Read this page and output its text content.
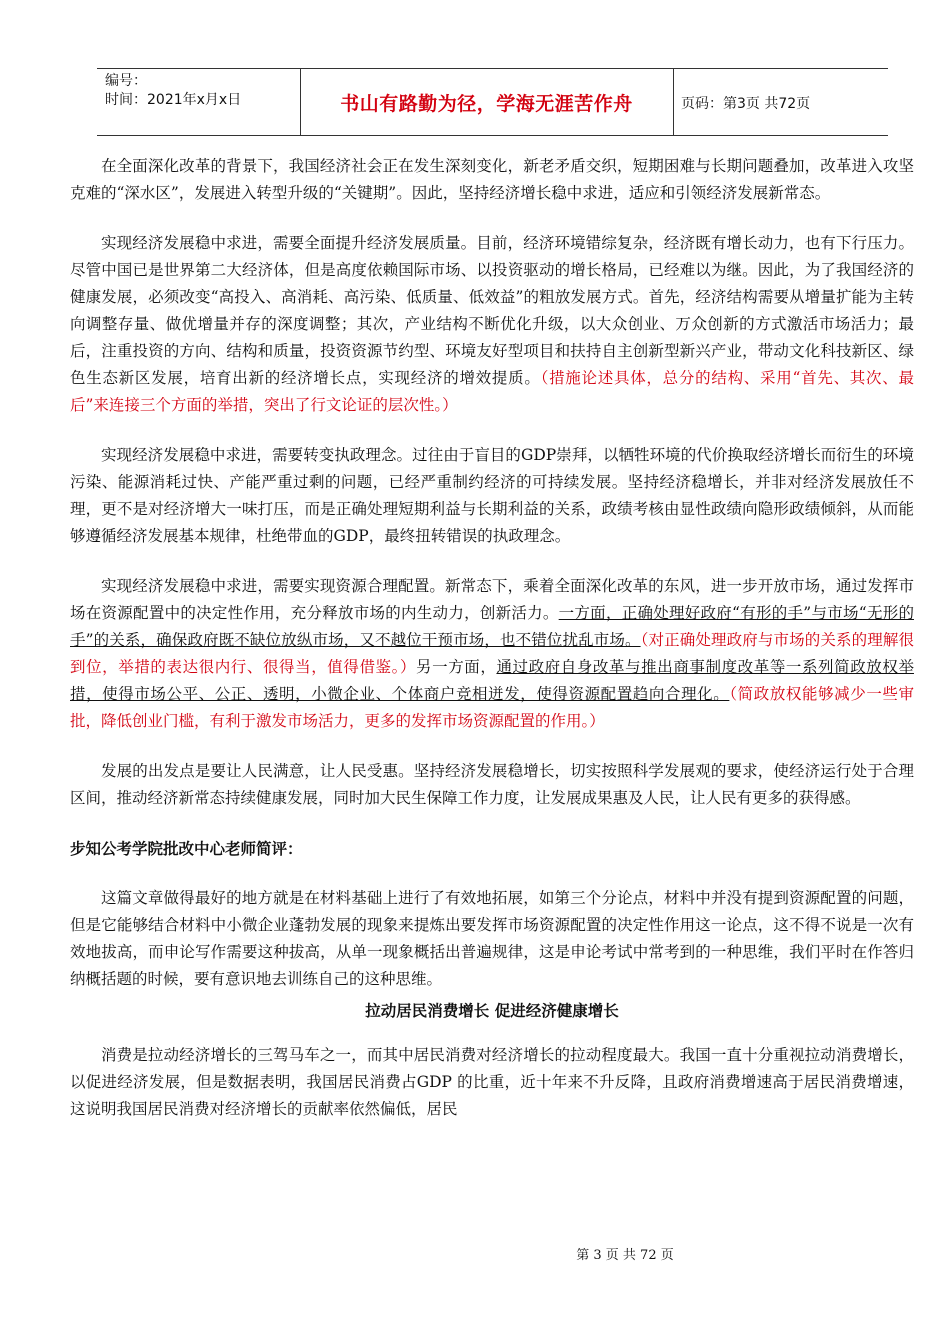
编号：
时间：2021年x月x日	书山有路勤为径，学海无涯苦作舟	页码：第3页 共72页

在全面深化改革的背景下，我国经济社会正在发生深刻变化，新老矛盾交织，短期困难与长期问题叠加，改革进入攻坚克难的“深水区”，发展进入转型升级的“关键期”。因此，坚持经济增长稳中求进，适应和引领经济发展新常态。

实现经济发展稳中求进，需要全面提升经济发展质量。目前，经济环境错综复杂，经济既有增长动力，也有下行压力。尽管中国已是世界第二大经济体，但是高度依赖国际市场、以投资驱动的增长格局，已经难以为继。因此，为了我国经济的健康发展，必须改变“高投入、高消耗、高污染、低质量、低效益”的粗放发展方式。首先，经济结构需要从增量扩能为主转向调整存量、做优增量并存的深度调整；其次，产业结构不断优化升级，以大众创业、万众创新的方式激活市场活力；最后，注重投资的方向、结构和质量，投资资源节约型、环境友好型项目和扶持自主创新型新兴产业，带动文化科技新区、绿色生态新区发展，培育出新的经济增长点，实现经济的增效提质。（措施论述具体，总分的结构、采用“首先、其次、最后”来连接三个方面的举措，突出了行文论证的层次性。）

实现经济发展稳中求进，需要转变执政理念。过往由于盲目的GDP崇拜，以牺牲环境的代价换取经济增长而衍生的环境污染、能源消耗过快、产能严重过剩的问题，已经严重制约经济的可持续发展。坚持经济稳增长，并非对经济发展放任不理，更不是对经济增大一味打压，而是正确处理短期利益与长期利益的关系，政绩考核由显性政绩向隐形政绩倾斜，从而能够遵循经济发展基本规律，杜绝带血的GDP，最终扭转错误的执政理念。

实现经济发展稳中求进，需要实现资源合理配置。新常态下，乘着全面深化改革的东风，进一步开放市场，通过发挥市场在资源配置中的决定性作用，充分释放市场的内生动力，创新活力。一方面，正确处理好政府“有形的手”与市场“无形的手”的关系，确保政府既不缺位放纵市场，又不越位干预市场，也不错位扰乱市场。（对正确处理政府与市场的关系的理解很到位，举措的表达很内行、很得当，值得借鉴。）另一方面，通过政府自身改革与推出商事制度改革等一系列简政放权举措，使得市场公平、公正、透明，小微企业、个体商户竞相迸发，使得资源配置趋向合理化。（简政放权能够减少一些审批，降低创业门槛，有利于激发市场活力，更多的发挥市场资源配置的作用。）

发展的出发点是要让人民满意，让人民受惠。坚持经济发展稳增长，切实按照科学发展观的要求，使经济运行处于合理区间，推动经济新常态持续健康发展，同时加大民生保障工作力度，让发展成果惠及人民，让人民有更多的获得感。

步知公考学院批改中心老师简评：

这篇文章做得最好的地方就是在材料基础上进行了有效地拓展，如第三个分论点，材料中并没有提到资源配置的问题，但是它能够结合材料中小微企业蓬勃发展的现象来提炼出要发挥市场资源配置的决定性作用这一论点，这不得不说是一次有效地拔高，而申论写作需要这种拔高，从单一现象概括出普遍规律，这是申论考试中常考到的一种思维，我们平时在作答归纳概括题的时候，要有意识地去训练自己的这种思维。

拉动居民消费增长 促进经济健康增长

消费是拉动经济增长的三驾马车之一，而其中居民消费对经济增长的拉动程度最大。我国一直十分重视拉动消费增长，以促进经济发展，但是数据表明，我国居民消费占GDP 的比重，近十年来不升反降，且政府消费增速高于居民消费增速，这说明我国居民消费对经济增长的贡献率依然偏低，居民

第 3 页 共 72 页
